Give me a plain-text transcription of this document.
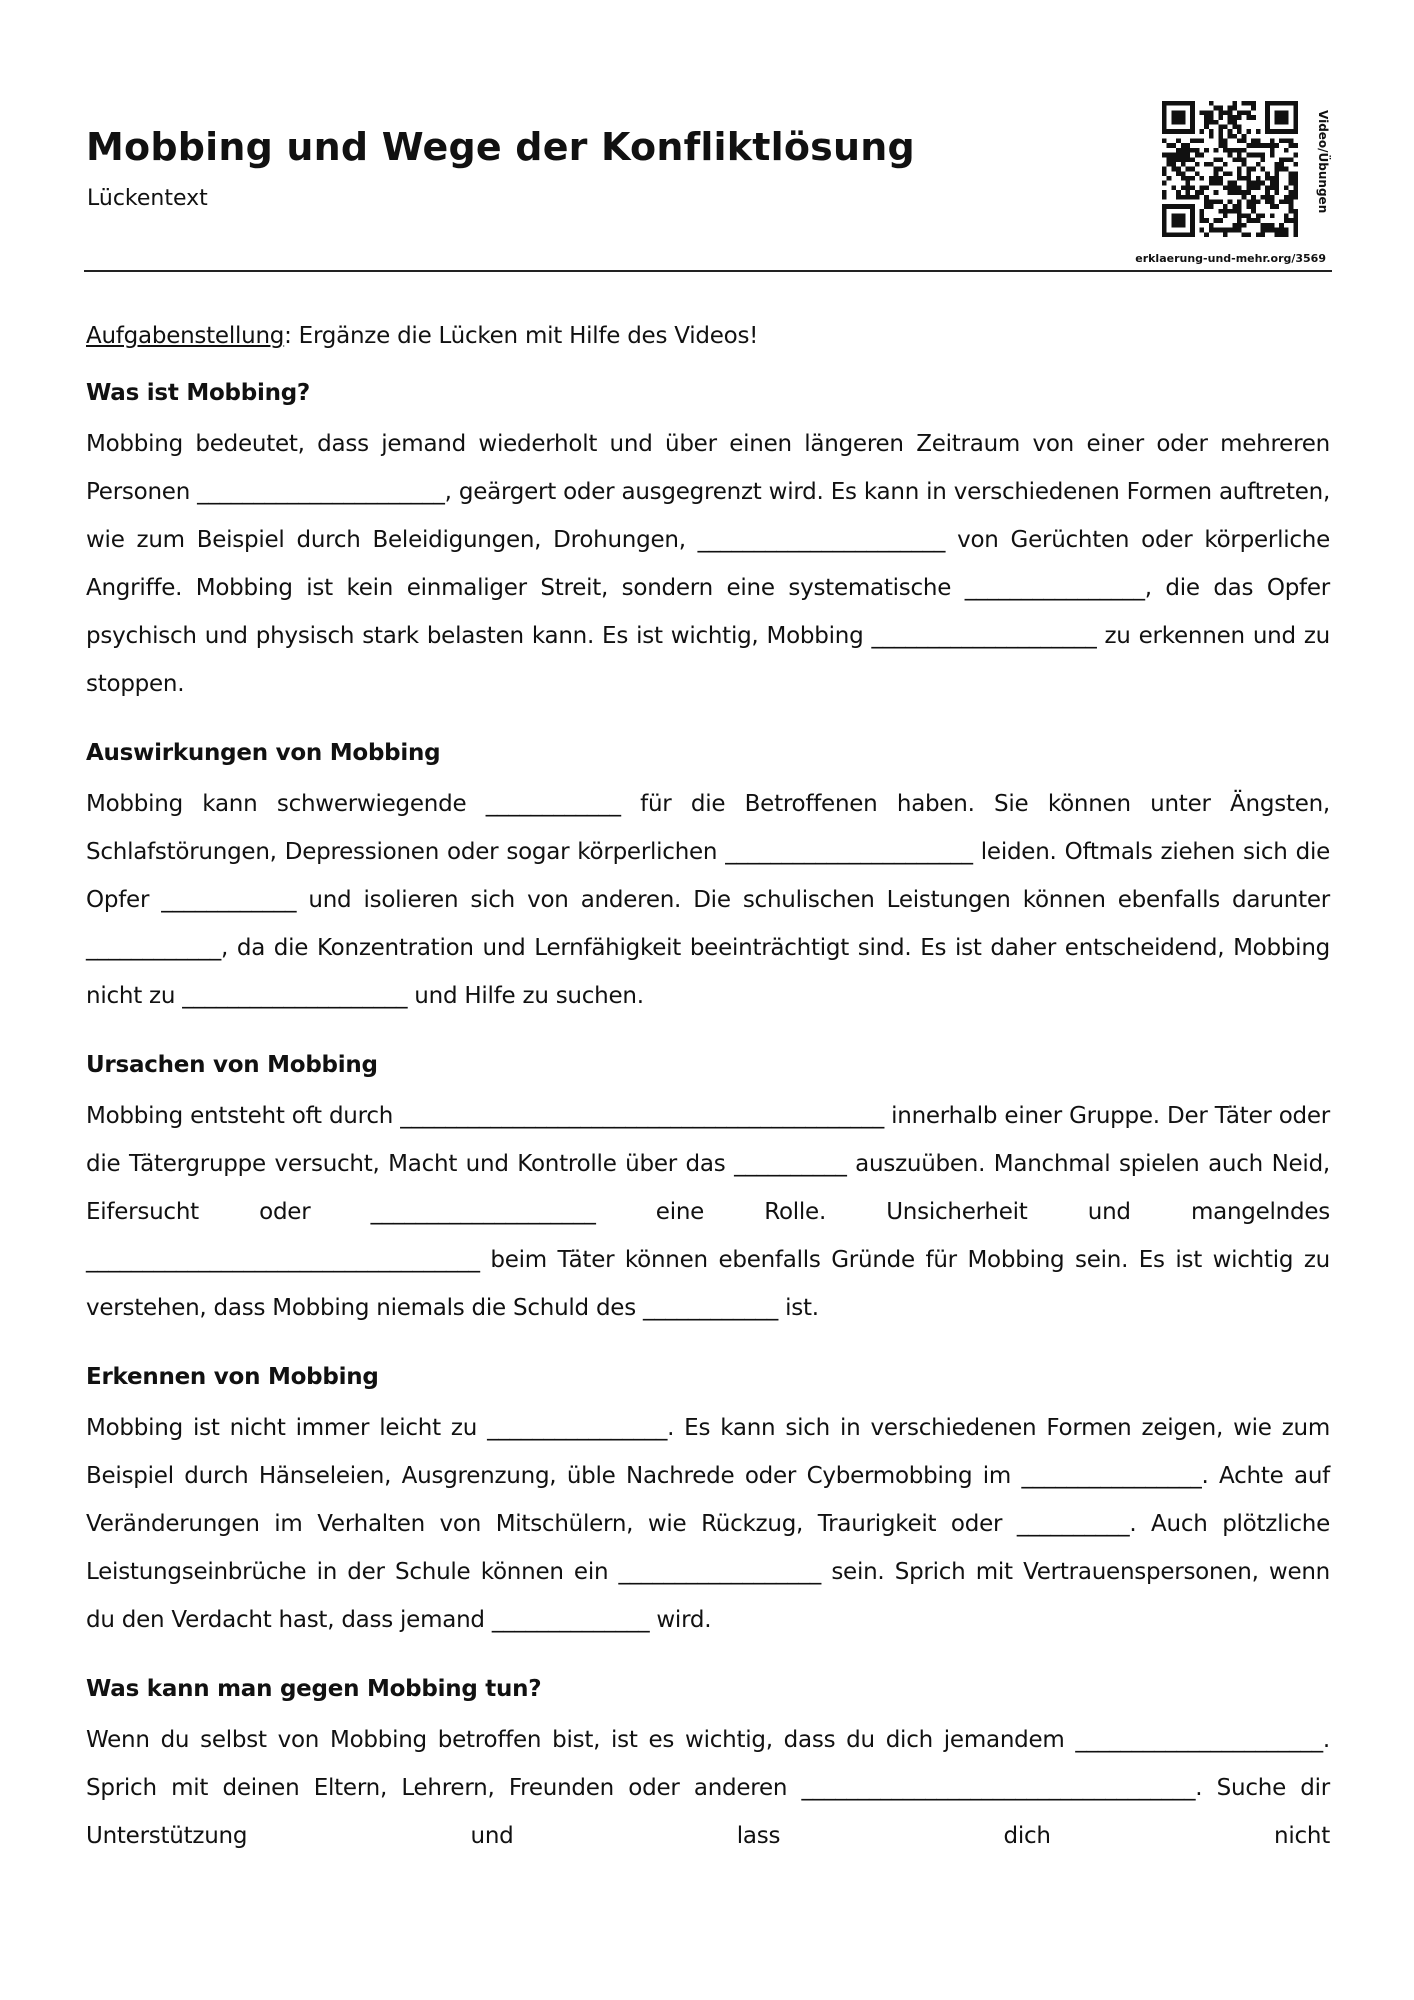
Mobbing und Wege der Konfliktlösung
Lückentext	Video/Übungen
erklaerung-und-mehr.org/3569

Aufgabenstellung: Ergänze die Lücken mit Hilfe des Videos!

Was ist Mobbing?

Mobbing bedeutet, dass jemand wiederholt und über einen längeren Zeitraum von einer oder mehreren Personen ______________________, geärgert oder ausgegrenzt wird. Es kann in verschiedenen Formen auftreten, wie zum Beispiel durch Beleidigungen, Drohungen, ______________________ von Gerüchten oder körperliche Angriffe. Mobbing ist kein einmaliger Streit, sondern eine systematische ________________, die das Opfer psychisch und physisch stark belasten kann. Es ist wichtig, Mobbing ____________________ zu erkennen und zu stoppen.

Auswirkungen von Mobbing

Mobbing kann schwerwiegende ____________ für die Betroffenen haben. Sie können unter Ängsten, Schlafstörungen, Depressionen oder sogar körperlichen ______________________ leiden. Oftmals ziehen sich die Opfer ____________ und isolieren sich von anderen. Die schulischen Leistungen können ebenfalls darunter ____________, da die Konzentration und Lernfähigkeit beeinträchtigt sind. Es ist daher entscheidend, Mobbing nicht zu ____________________ und Hilfe zu suchen.

Ursachen von Mobbing

Mobbing entsteht oft durch ___________________________________________ innerhalb einer Gruppe. Der Täter oder die Tätergruppe versucht, Macht und Kontrolle über das __________ auszuüben. Manchmal spielen auch Neid, Eifersucht oder ____________________ eine Rolle. Unsicherheit und mangelndes ___________________________________ beim Täter können ebenfalls Gründe für Mobbing sein. Es ist wichtig zu verstehen, dass Mobbing niemals die Schuld des ____________ ist.

Erkennen von Mobbing

Mobbing ist nicht immer leicht zu ________________. Es kann sich in verschiedenen Formen zeigen, wie zum Beispiel durch Hänseleien, Ausgrenzung, üble Nachrede oder Cybermobbing im ________________. Achte auf Veränderungen im Verhalten von Mitschülern, wie Rückzug, Traurigkeit oder __________. Auch plötzliche Leistungseinbrüche in der Schule können ein __________________ sein. Sprich mit Vertrauenspersonen, wenn du den Verdacht hast, dass jemand ______________ wird.

Was kann man gegen Mobbing tun?

Wenn du selbst von Mobbing betroffen bist, ist es wichtig, dass du dich jemandem ______________________. Sprich mit deinen Eltern, Lehrern, Freunden oder anderen ___________________________________. Suche dir Unterstützung und lass dich nicht
